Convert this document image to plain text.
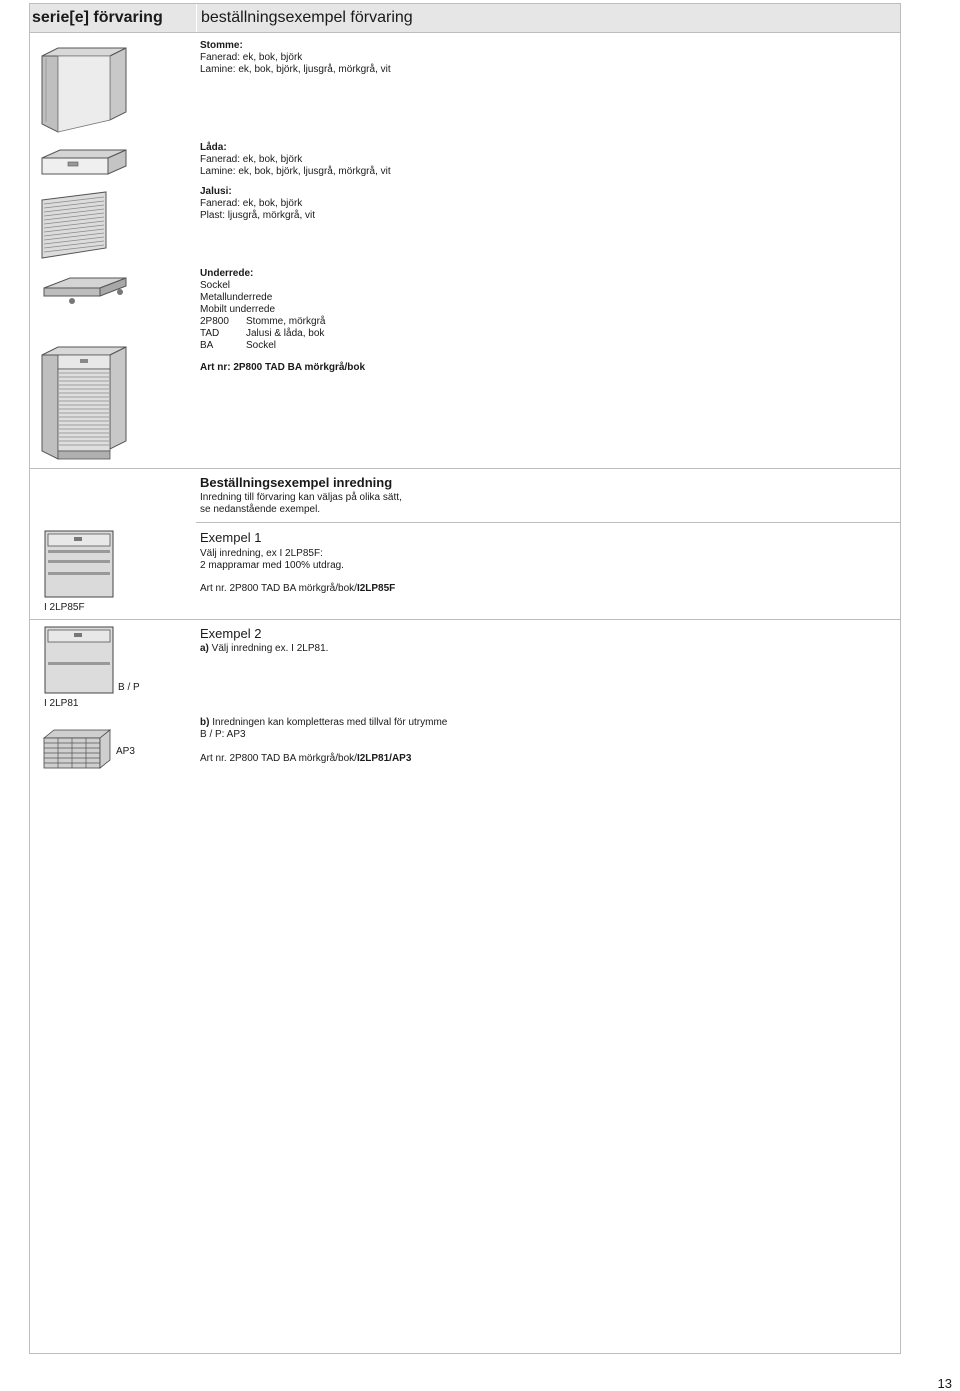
serie[e] förvaring	beställningsexempel förvaring
Stomme:
Fanerad: ek, bok, björk
Lamine: ek, bok, björk, ljusgrå, mörkgrå, vit
Låda:
Fanerad: ek, bok, björk
Lamine: ek, bok, björk, ljusgrå, mörkgrå, vit
Jalusi:
Fanerad: ek, bok, björk
Plast: ljusgrå, mörkgrå, vit
Underrede:
Sockel
Metallunderrede
Mobilt underrede
2P800 Stomme, mörkgrå
TAD	Jalusi & låda, bok
BA	Sockel
Art nr: 2P800 TAD BA mörkgrå/bok
Beställningsexempel inredning
Inredning till förvaring kan väljas på olika sätt,
se nedanstående exempel.
I 2LP85F
Exempel 1
Välj inredning, ex I 2LP85F:
2 mappramar med 100% utdrag.
Art nr. 2P800 TAD BA mörkgrå/bok/I2LP85F
B / P
I 2LP81
AP3
Exempel 2
a) Välj inredning ex. I 2LP81.
b) Inredningen kan kompletteras med tillval för utrymme
B / P: AP3
Art nr. 2P800 TAD BA mörkgrå/bok/I2LP81/AP3
13
